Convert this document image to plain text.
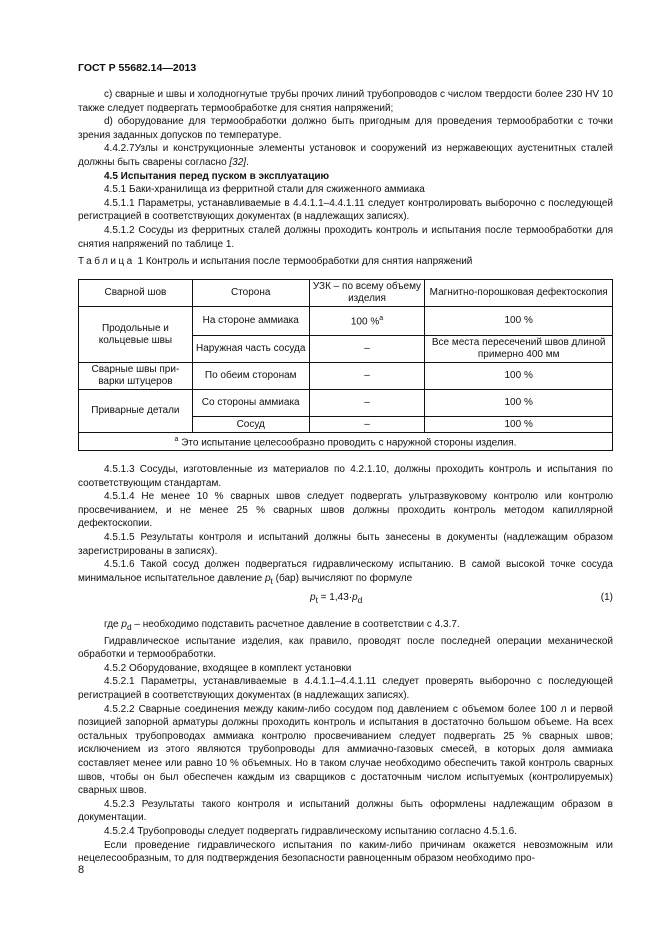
ГОСТ Р 55682.14—2013

c) сварные и швы и холодногнутые трубы прочих линий трубопроводов с числом твердости более 230 HV 10 также следует подвергать термообработке для снятия напряжений;

d) оборудование для термообработки должно быть пригодным для проведения термообработки с точки зрения заданных допусков по температуре.

4.4.2.7Узлы и конструкционные элементы установок и сооружений из нержавеющих аустенитных сталей должны быть сварены согласно [32].

4.5 Испытания перед пуском в эксплуатацию

4.5.1 Баки-хранилища из ферритной стали для сжиженного аммиака

4.5.1.1 Параметры, устанавливаемые в 4.4.1.1–4.4.1.11 следует контролировать выборочно с последующей регистрацией в соответствующих документах (в надлежащих записях).

4.5.1.2 Сосуды из ферритных сталей должны проходить контроль и испытания после термообработки для снятия напряжений по таблице 1.

Таблица 1 Контроль и испытания после термообработки для снятия напряжений
Сварной шов	Сторона	УЗК – по всему объему изделия	Магнитно-порошковая дефектоскопия
Продольные и кольцевые швы	На стороне аммиака	100 %$^a$	100 %
	Наружная часть сосуда	–	Все места пересечений швов длиной примерно 400 мм
Сварные швы приварки штуцеров	По обеим сторонам	–	100 %
Приварные детали	Со стороны аммиака	–	100 %
	Сосуд	–	100 %
$^a$ Это испытание целесообразно проводить с наружной стороны изделия.			

4.5.1.3 Сосуды, изготовленные из материалов по 4.2.1.10, должны проходить контроль и испытания по соответствующим стандартам.

4.5.1.4 Не менее 10 % сварных швов следует подвергать ультразвуковому контролю или контролю просвечиванием, и не менее 25 % сварных швов должны проходить контроль методом капиллярной дефектоскопии.

4.5.1.5 Результаты контроля и испытаний должны быть занесены в документы (надлежащим образом зарегистрированы в записях).

4.5.1.6 Такой сосуд должен подвергаться гидравлическому испытанию. В самой высокой точке сосуда минимальное испытательное давление $p_t$ (бар) вычисляют по формуле

$p_t = 1,43\cdot p_d$	(1)

где $p_d$ – необходимо подставить расчетное давление в соответствии с 4.3.7.

Гидравлическое испытание изделия, как правило, проводят после последней операции механической обработки и термообработки.

4.5.2 Оборудование, входящее в комплект установки

4.5.2.1 Параметры, устанавливаемые в 4.4.1.1–4.4.1.11 следует проверять выборочно с последующей регистрацией в соответствующих документах (в надлежащих записях).

4.5.2.2 Сварные соединения между каким-либо сосудом под давлением с объемом более 100 л и первой позицией запорной арматуры должны проходить контроль и испытания в достаточно большом объеме. На всех остальных трубопроводах аммиака контролю просвечиванием следует подвергать 25 % сварных швов; исключением из этого являются трубопроводы для аммиачно-газовых смесей, в которых доля аммиака составляет менее или равно 10 % объемных. Но в таком случае необходимо обеспечить такой контроль сварных швов, чтобы он был обеспечен каждым из сварщиков с достаточным числом испытуемых (контролируемых) сварных швов.

4.5.2.3 Результаты такого контроля и испытаний должны быть оформлены надлежащим образом в документации.

4.5.2.4 Трубопроводы следует подвергать гидравлическому испытанию согласно 4.5.1.6.

Если проведение гидравлического испытания по каким-либо причинам окажется невозможным или нецелесообразным, то для подтверждения безопасности равноценным образом необходимо про-

8
